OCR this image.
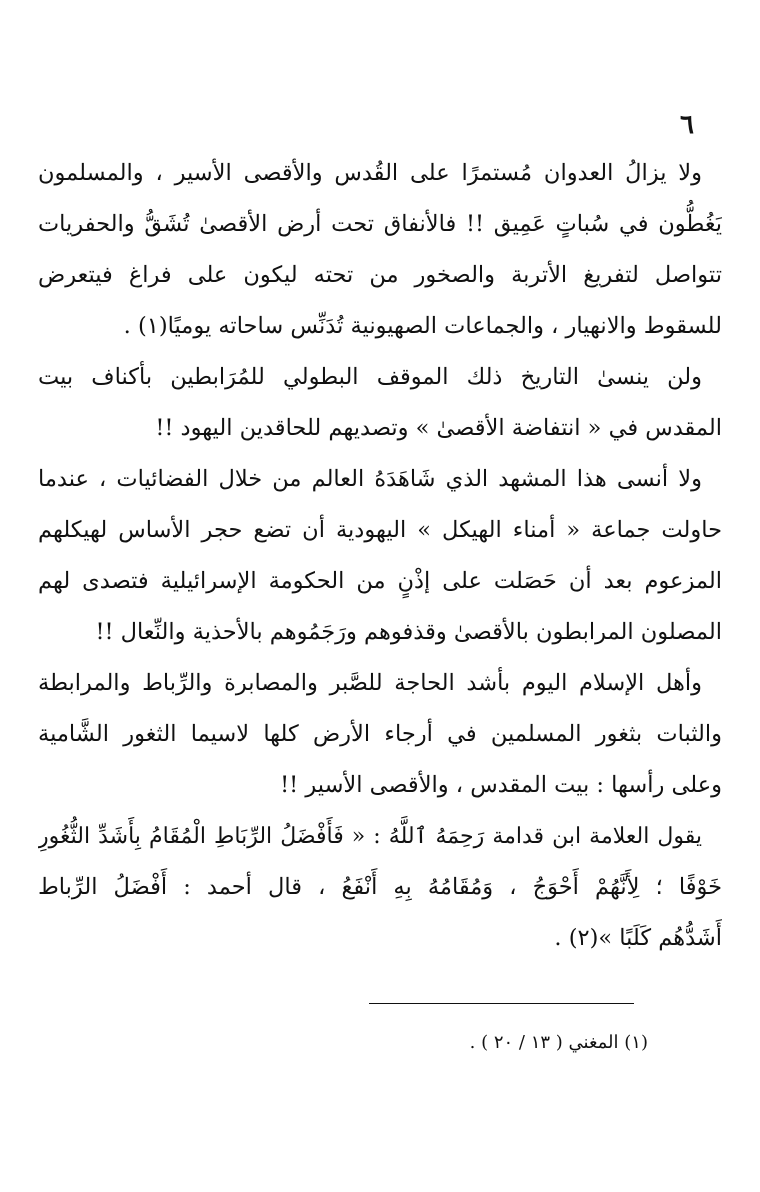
٦
ولا يزالُ العدوان مُستمرًا على القُدس والأقصى الأسير ، والمسلمون
يَغُطُّون في سُباتٍ عَمِيق !! فالأنفاق تحت أرض الأقصىٰ تُشَقُّ والحفريات
تتواصل لتفريغ الأتربة والصخور من تحته ليكون على فراغ فيتعرض
للسقوط والانهيار ، والجماعات الصهيونية تُدَنِّس ساحاته يوميًا(١) .
ولن ينسىٰ التاريخ ذلك الموقف البطولي للمُرَابطين بأكناف بيت
المقدس في « انتفاضة الأقصىٰ » وتصديهم للحاقدين اليهود !!
ولا أنسى هذا المشهد الذي شَاهَدَهُ العالم من خلال الفضائيات ، عندما
حاولت جماعة « أمناء الهيكل » اليهودية أن تضع حجر الأساس لهيكلهم
المزعوم بعد أن حَصَلت على إذْنٍ من الحكومة الإسرائيلية فتصدى لهم
المصلون المرابطون بالأقصىٰ وقذفوهم ورَجَمُوهم بالأحذية والنِّعال !!
وأهل الإسلام اليوم بأشد الحاجة للصَّبر والمصابرة والرِّباط والمرابطة
والثبات بثغور المسلمين في أرجاء الأرض كلها لاسيما الثغور الشَّامية
وعلى رأسها : بيت المقدس ، والأقصى الأسير !!
يقول العلامة ابن قدامة رَحِمَهُ ٱللَّهُ : « فَأَفْضَلُ الرِّبَاطِ الْمُقَامُ بِأَشَدِّ الثُّغُورِ
خَوْفًا ؛ لِأَنَّهُمْ أَحْوَجُ ، وَمُقَامُهُ بِهِ أَنْفَعُ ، قال أحمد : أَفْضَلُ الرِّباط
أَشَدُّهُم كَلَبًا »(٢) .
(١) المغني ( ١٣ / ٢٠ ) .
